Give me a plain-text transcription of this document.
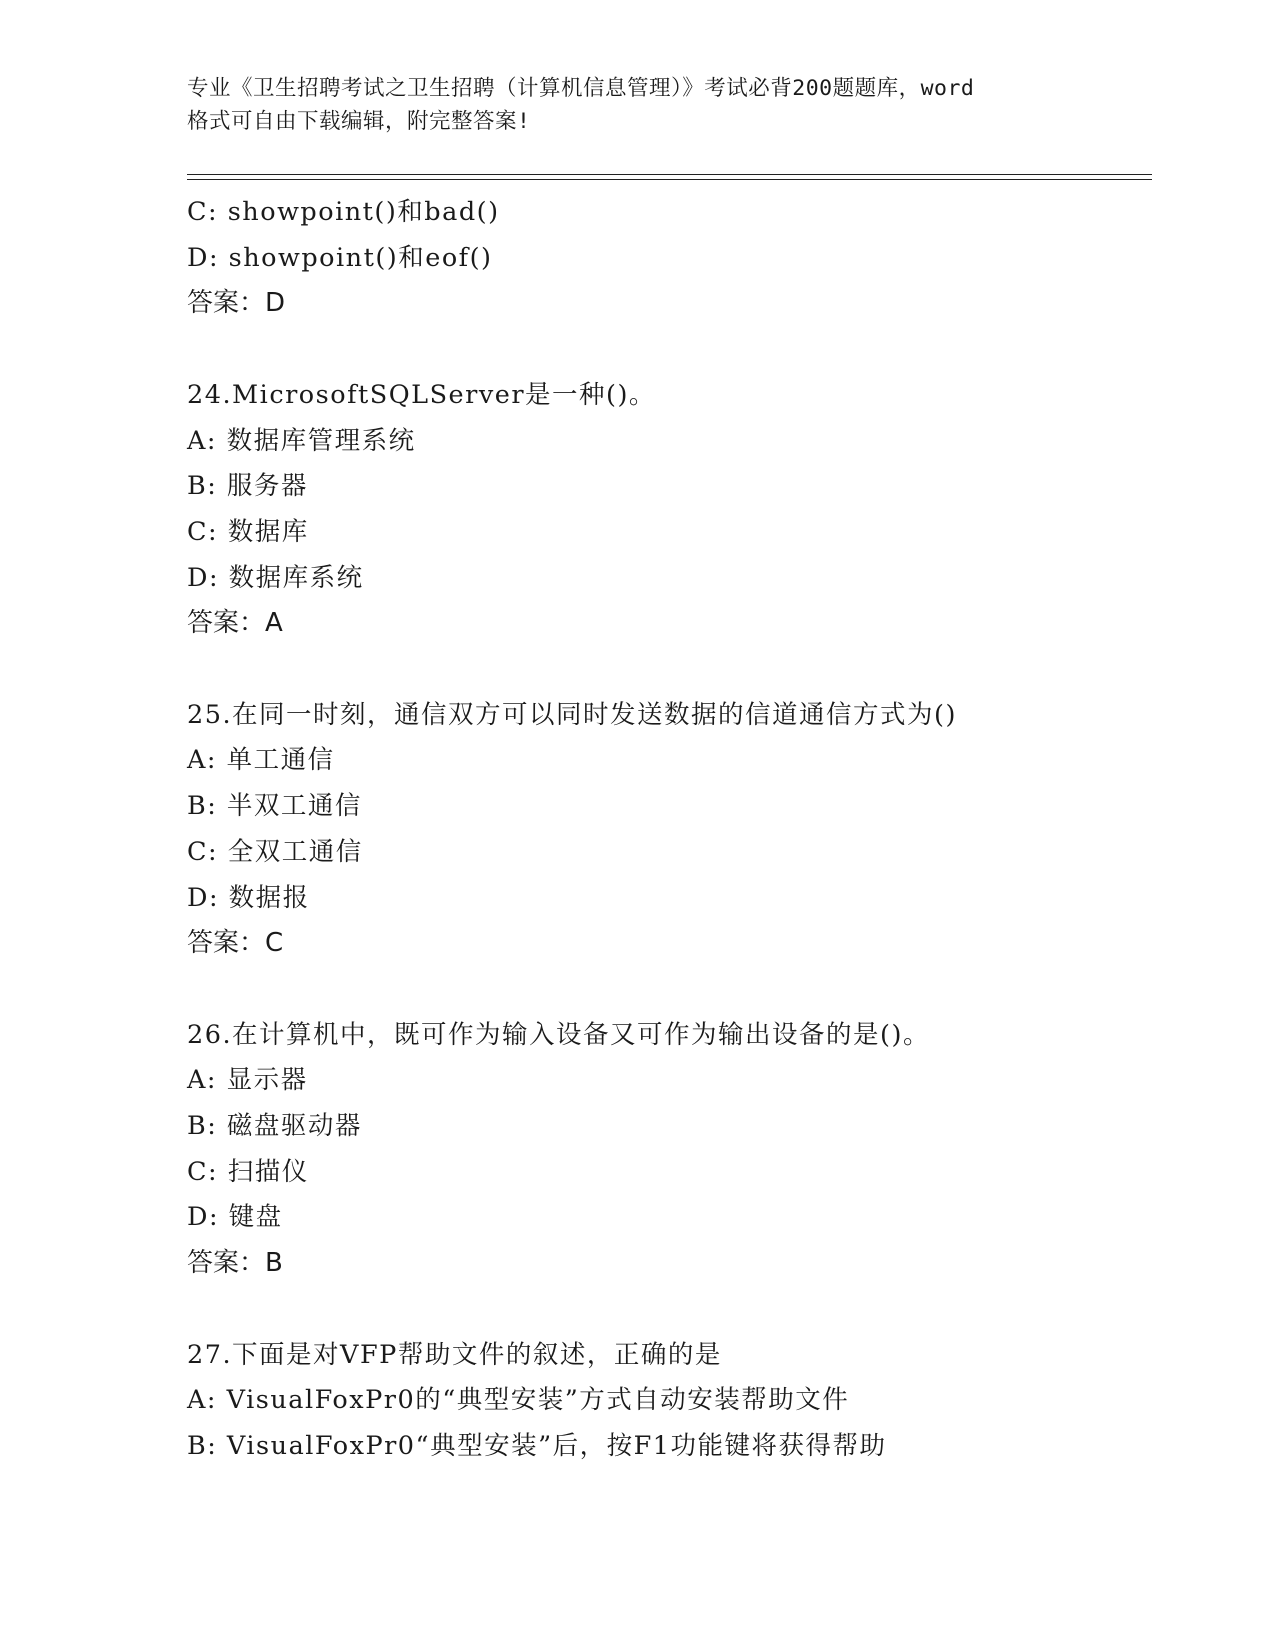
专业《卫生招聘考试之卫生招聘（计算机信息管理）》考试必背200题题库，word

格式可自由下载编辑，附完整答案!

C: showpoint()和bad()

D: showpoint()和eof()

答案：D

24.MicrosoftSQLServer是一种()。

A: 数据库管理系统

B: 服务器

C: 数据库

D: 数据库系统

答案：A

25.在同一时刻，通信双方可以同时发送数据的信道通信方式为()

A: 单工通信

B: 半双工通信

C: 全双工通信

D: 数据报

答案：C

26.在计算机中，既可作为输入设备又可作为输出设备的是()。

A: 显示器

B: 磁盘驱动器

C: 扫描仪

D: 键盘

答案：B

27.下面是对VFP帮助文件的叙述，正确的是

A: VisualFoxPr0的“典型安装”方式自动安装帮助文件

B: VisualFoxPr0“典型安装”后，按F1功能键将获得帮助
